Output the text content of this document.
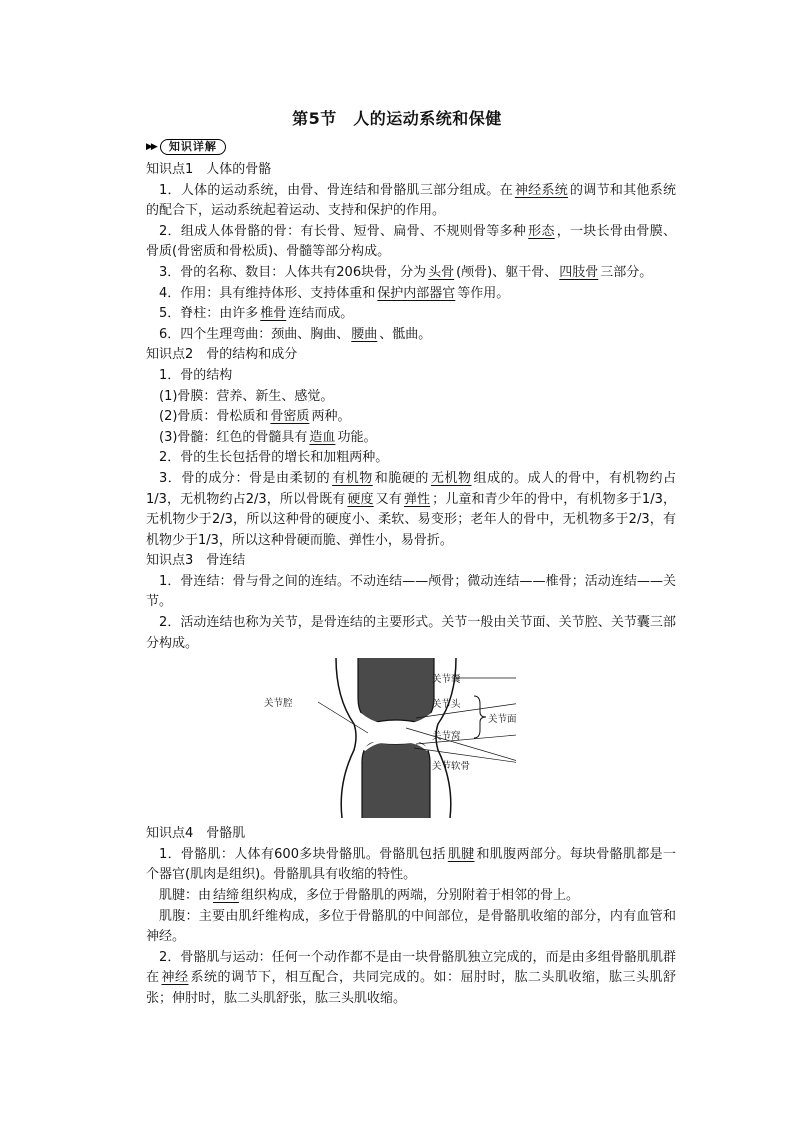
第5节　人的运动系统和保健
▶▶	知识详解

知识点1　人体的骨骼

1．人体的运动系统，由骨、骨连结和骨骼肌三部分组成。在 神经系统 的调节和其他系统的配合下，运动系统起着运动、支持和保护的作用。

2．组成人体骨骼的骨：有长骨、短骨、扁骨、不规则骨等多种 形态 ，一块长骨由骨膜、骨质(骨密质和骨松质)、骨髓等部分构成。

3．骨的名称、数目：人体共有206块骨，分为 头骨 (颅骨)、躯干骨、 四肢骨 三部分。

4．作用：具有维持体形、支持体重和 保护内部器官 等作用。

5．脊柱：由许多 椎骨 连结而成。

6．四个生理弯曲：颈曲、胸曲、 腰曲 、骶曲。

知识点2　骨的结构和成分

1．骨的结构

(1)骨膜：营养、新生、感觉。

(2)骨质：骨松质和 骨密质 两种。

(3)骨髓：红色的骨髓具有 造血 功能。

2．骨的生长包括骨的增长和加粗两种。

3．骨的成分：骨是由柔韧的 有机物 和脆硬的 无机物 组成的。成人的骨中，有机物约占1/3，无机物约占2/3，所以骨既有 硬度 又有 弹性 ；儿童和青少年的骨中，有机物多于1/3，无机物少于2/3，所以这种骨的硬度小、柔软、易变形；老年人的骨中，无机物多于2/3，有机物少于1/3，所以这种骨硬而脆、弹性小，易骨折。

知识点3　骨连结

1．骨连结：骨与骨之间的连结。不动连结——颅骨；微动连结——椎骨；活动连结——关节。

2．活动连结也称为关节，是骨连结的主要形式。关节一般由关节面、关节腔、关节囊三部分构成。

关节腔
关节囊
关节头
关节窝
关节软骨
关节面

知识点4　骨骼肌

1．骨骼肌：人体有600多块骨骼肌。骨骼肌包括 肌腱 和肌腹两部分。每块骨骼肌都是一个器官(肌肉是组织)。骨骼肌具有收缩的特性。

肌腱：由 结缔 组织构成，多位于骨骼肌的两端，分别附着于相邻的骨上。

肌腹：主要由肌纤维构成，多位于骨骼肌的中间部位，是骨骼肌收缩的部分，内有血管和神经。

2．骨骼肌与运动：任何一个动作都不是由一块骨骼肌独立完成的，而是由多组骨骼肌肌群在 神经 系统的调节下，相互配合，共同完成的。如：屈肘时，肱二头肌收缩，肱三头肌舒张；伸肘时，肱二头肌舒张，肱三头肌收缩。
